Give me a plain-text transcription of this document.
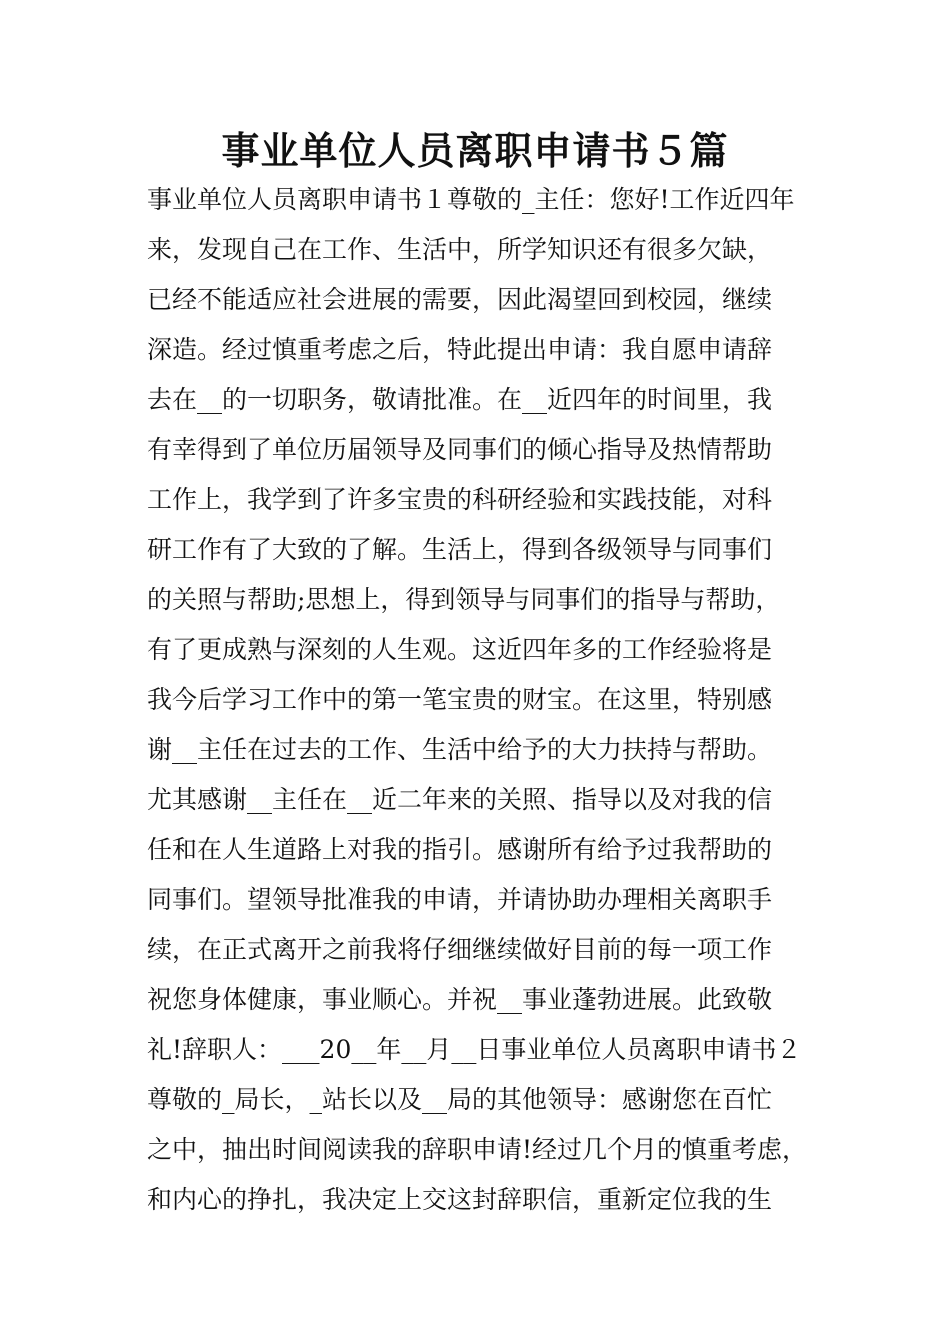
事业单位人员离职申请书５篇
事业单位人员离职申请书１尊敬的_主任：您好!工作近四年
来，发现自己在工作、生活中，所学知识还有很多欠缺，
已经不能适应社会进展的需要，因此渴望回到校园，继续
深造。经过慎重考虑之后，特此提出申请：我自愿申请辞
去在__的一切职务，敬请批准。在__近四年的时间里，我
有幸得到了单位历届领导及同事们的倾心指导及热情帮助
工作上，我学到了许多宝贵的科研经验和实践技能，对科
研工作有了大致的了解。生活上，得到各级领导与同事们
的关照与帮助;思想上，得到领导与同事们的指导与帮助，
有了更成熟与深刻的人生观。这近四年多的工作经验将是
我今后学习工作中的第一笔宝贵的财宝。在这里，特别感
谢__主任在过去的工作、生活中给予的大力扶持与帮助。
尤其感谢__主任在__近二年来的关照、指导以及对我的信
任和在人生道路上对我的指引。感谢所有给予过我帮助的
同事们。望领导批准我的申请，并请协助办理相关离职手
续，在正式离开之前我将仔细继续做好目前的每一项工作
祝您身体健康，事业顺心。并祝__事业蓬勃进展。此致敬
礼!辞职人：___20__年__月__日事业单位人员离职申请书２
尊敬的_局长，_站长以及__局的其他领导：感谢您在百忙
之中，抽出时间阅读我的辞职申请!经过几个月的慎重考虑，
和内心的挣扎，我决定上交这封辞职信，重新定位我的生
